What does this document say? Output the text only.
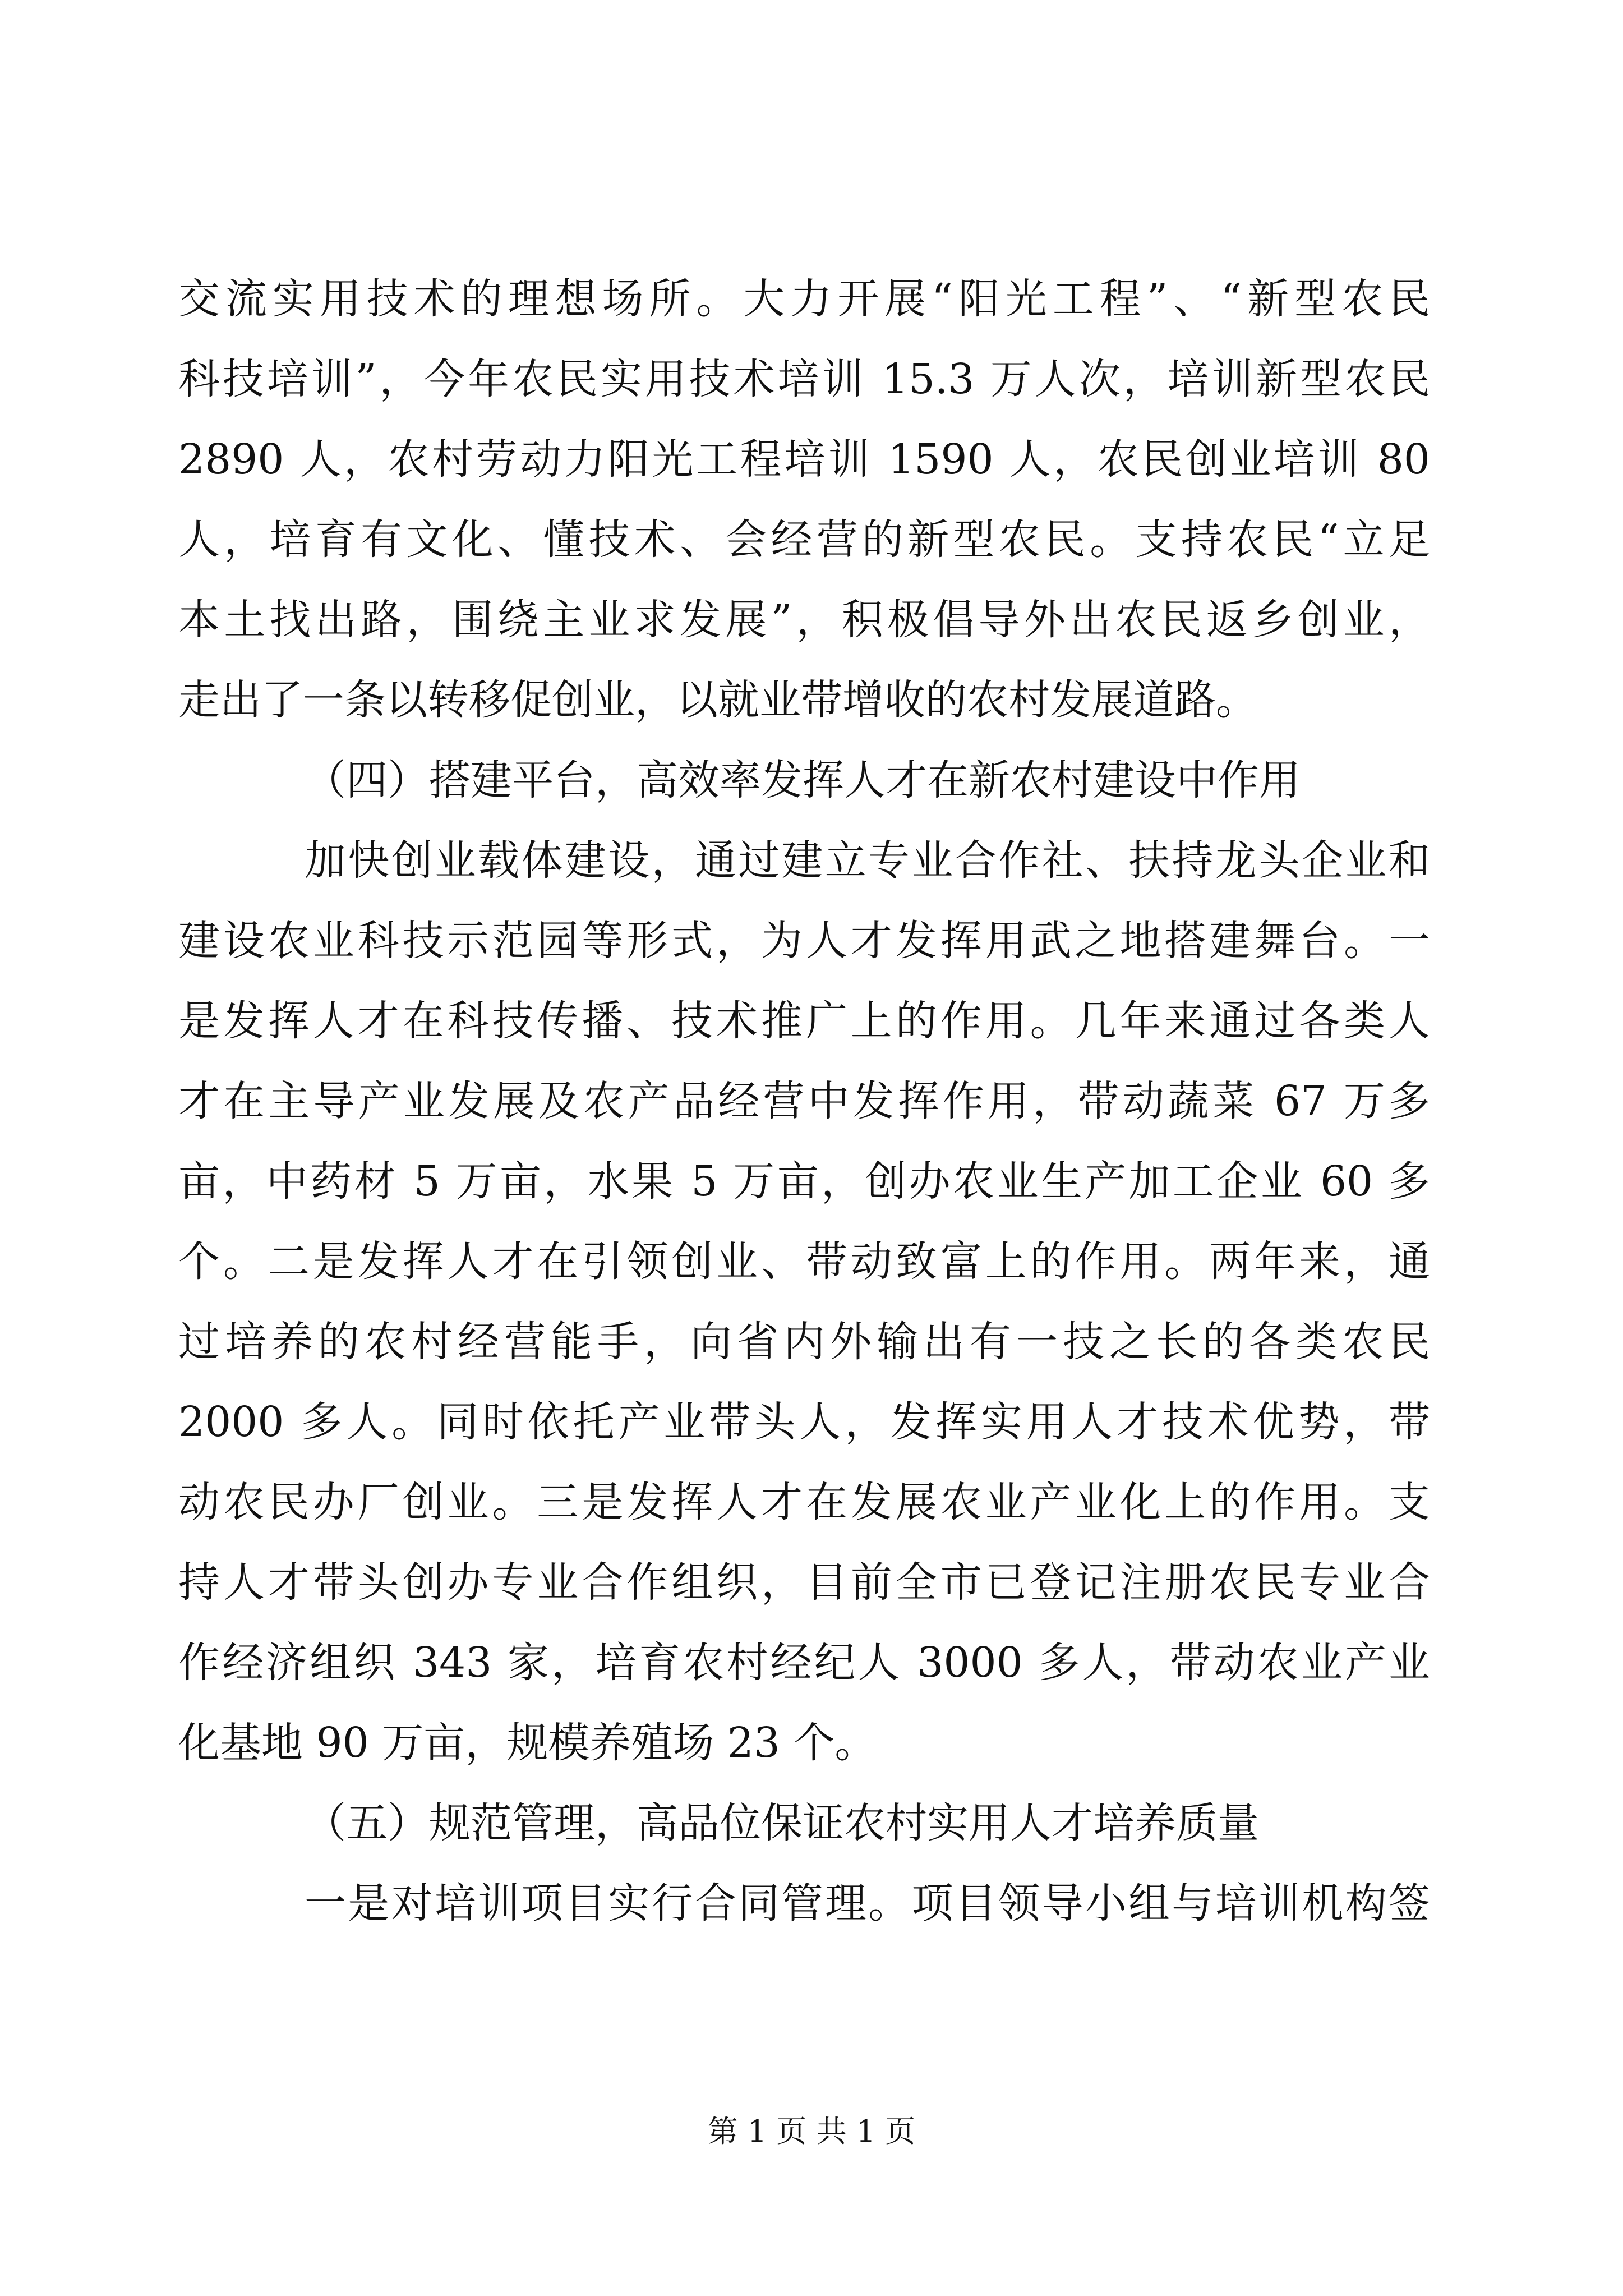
交流实用技术的理想场所。大力开展“阳光工程”、“新型农民
科技培训”，今年农民实用技术培训 15.3 万人次，培训新型农民
2890 人，农村劳动力阳光工程培训 1590 人，农民创业培训 80
人，培育有文化、懂技术、会经营的新型农民。支持农民“立足
本土找出路，围绕主业求发展”，积极倡导外出农民返乡创业，
走出了一条以转移促创业，以就业带增收的农村发展道路。
（四）搭建平台，高效率发挥人才在新农村建设中作用
加快创业载体建设，通过建立专业合作社、扶持龙头企业和
建设农业科技示范园等形式，为人才发挥用武之地搭建舞台。一
是发挥人才在科技传播、技术推广上的作用。几年来通过各类人
才在主导产业发展及农产品经营中发挥作用，带动蔬菜 67 万多
亩，中药材 5 万亩，水果 5 万亩，创办农业生产加工企业 60 多
个。二是发挥人才在引领创业、带动致富上的作用。两年来，通
过培养的农村经营能手，向省内外输出有一技之长的各类农民
2000 多人。同时依托产业带头人，发挥实用人才技术优势，带
动农民办厂创业。三是发挥人才在发展农业产业化上的作用。支
持人才带头创办专业合作组织，目前全市已登记注册农民专业合
作经济组织 343 家，培育农村经纪人 3000 多人，带动农业产业
化基地 90 万亩，规模养殖场 23 个。
（五）规范管理，高品位保证农村实用人才培养质量
一是对培训项目实行合同管理。项目领导小组与培训机构签
第 1 页 共 1 页
